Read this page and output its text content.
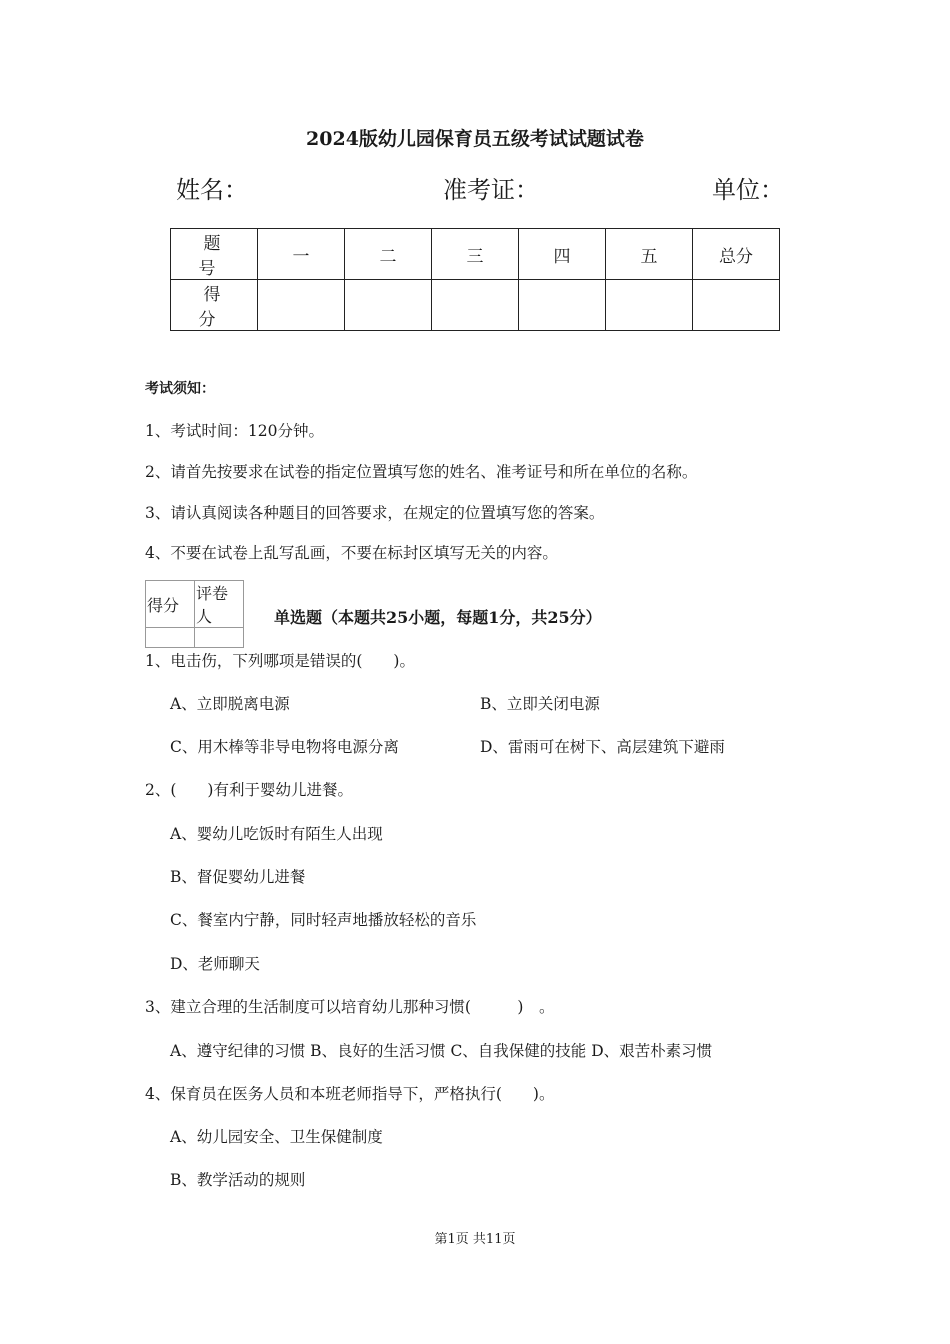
2024版幼儿园保育员五级考试试题试卷
姓名：	准考证：	单位：
题　号	一	二	三	四	五	总分
得　分						
考试须知：
1、考试时间：120分钟。
2、请首先按要求在试卷的指定位置填写您的姓名、准考证号和所在单位的名称。
3、请认真阅读各种题目的回答要求，在规定的位置填写您的答案。
4、不要在试卷上乱写乱画，不要在标封区填写无关的内容。
得分	评卷人
		单选题（本题共25小题，每题1分，共25分）
1、电击伤，下列哪项是错误的(　　)。
A、立即脱离电源	B、立即关闭电源
C、用木棒等非导电物将电源分离	D、雷雨可在树下、高层建筑下避雨
2、(　　)有利于婴幼儿进餐。
A、婴幼儿吃饭时有陌生人出现
B、督促婴幼儿进餐
C、餐室内宁静，同时轻声地播放轻松的音乐
D、老师聊天
3、建立合理的生活制度可以培育幼儿那种习惯(　　　)　。
A、遵守纪律的习惯 B、良好的生活习惯 C、自我保健的技能 D、艰苦朴素习惯
4、保育员在医务人员和本班老师指导下，严格执行(　　)。
A、幼儿园安全、卫生保健制度
B、教学活动的规则
第1页 共11页
